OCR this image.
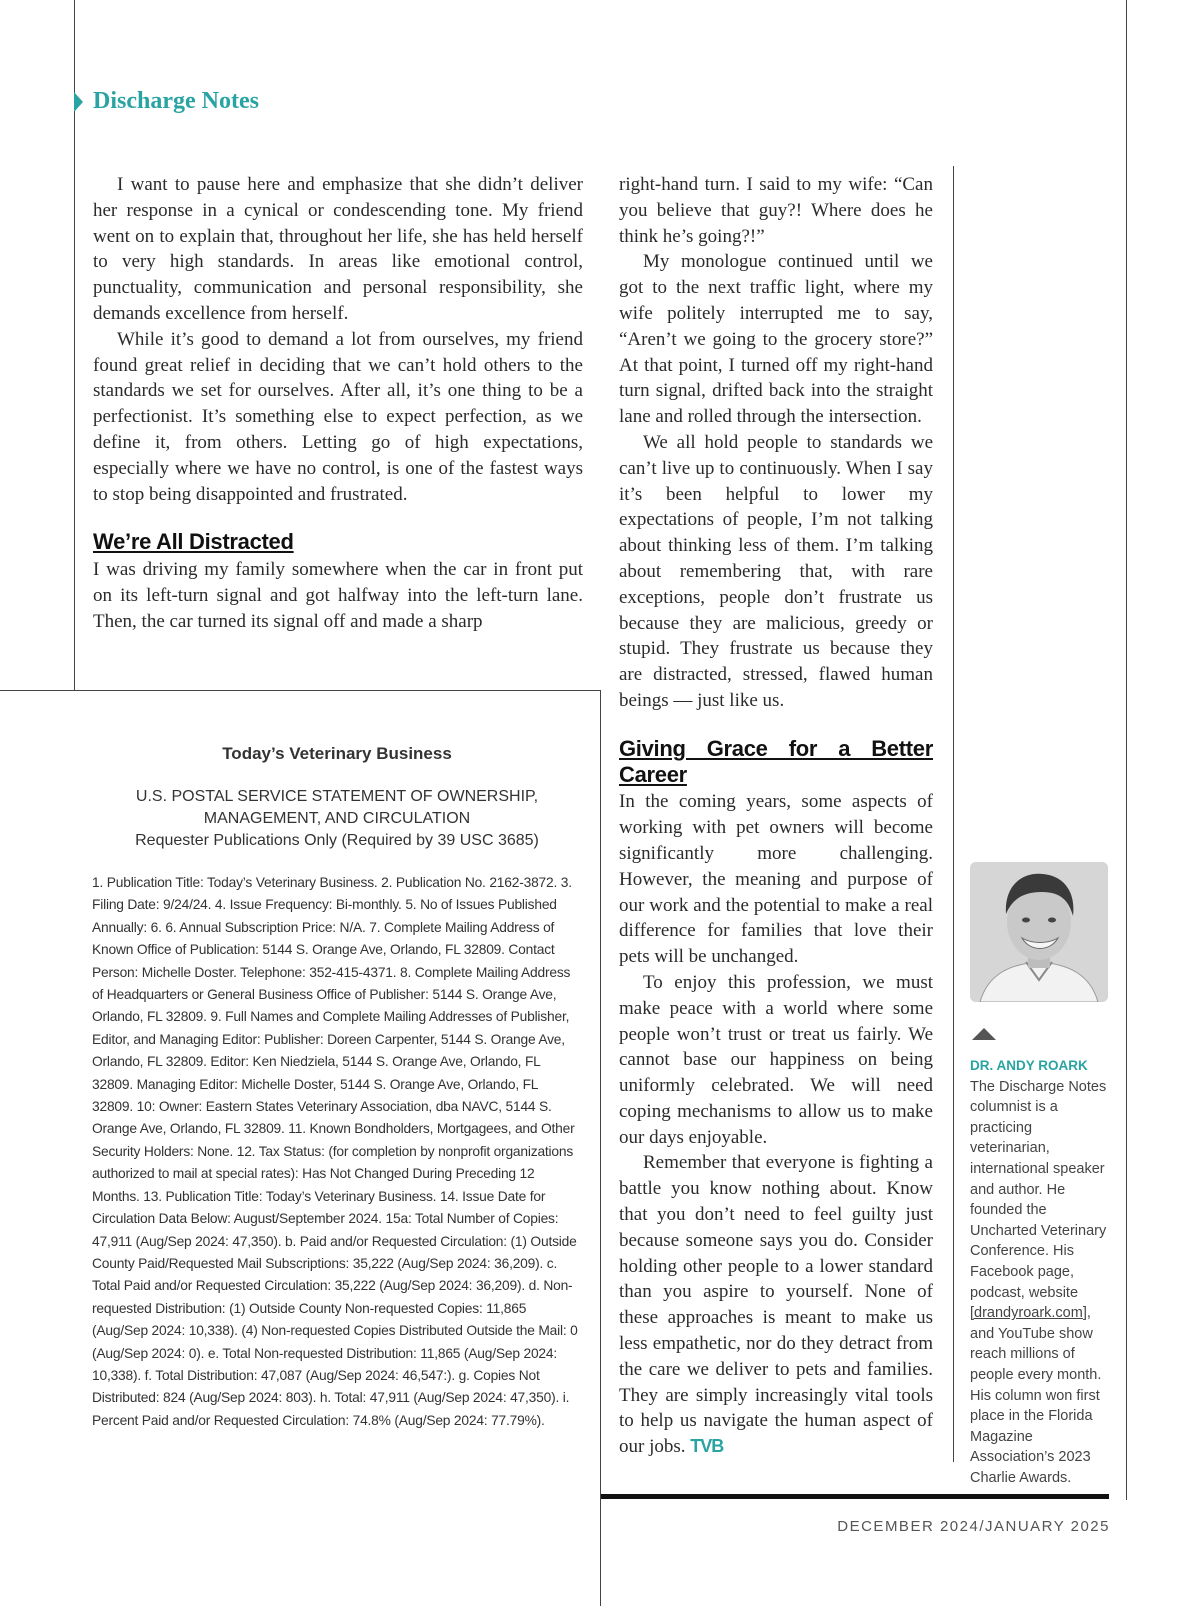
Discharge Notes

I want to pause here and emphasize that she didn’t deliver her response in a cynical or condescending tone. My friend went on to explain that, throughout her life, she has held herself to very high standards. In areas like emotional control, punctuality, communication and personal responsibility, she demands excellence from herself.

While it’s good to demand a lot from ourselves, my friend found great relief in deciding that we can’t hold others to the standards we set for ourselves. After all, it’s one thing to be a perfectionist. It’s something else to expect perfection, as we define it, from others. Letting go of high expectations, especially where we have no control, is one of the fastest ways to stop being disappointed and frustrated.

We’re All Distracted

I was driving my family somewhere when the car in front put on its left-turn signal and got halfway into the left-turn lane. Then, the car turned its signal off and made a sharp

right-hand turn. I said to my wife: “Can you believe that guy?! Where does he think he’s going?!”

My monologue continued until we got to the next traffic light, where my wife politely interrupted me to say, “Aren’t we going to the grocery store?” At that point, I turned off my right-hand turn signal, drifted back into the straight lane and rolled through the intersection.

We all hold people to standards we can’t live up to continuously. When I say it’s been helpful to lower my expectations of people, I’m not talking about thinking less of them. I’m talking about remembering that, with rare exceptions, people don’t frustrate us because they are malicious, greedy or stupid. They frustrate us because they are distracted, stressed, flawed human beings — just like us.

Giving Grace for a Better Career

In the coming years, some aspects of working with pet owners will become significantly more challenging. However, the meaning and purpose of our work and the potential to make a real difference for families that love their pets will be unchanged.

To enjoy this profession, we must make peace with a world where some people won’t trust or treat us fairly. We cannot base our happiness on being uniformly celebrated. We will need coping mechanisms to allow us to make our days enjoyable.

Remember that everyone is fighting a battle you know nothing about. Know that you don’t need to feel guilty just because someone says you do. Consider holding other people to a lower standard than you aspire to yourself. None of these approaches is meant to make us less empathetic, nor do they detract from the care we deliver to pets and families. They are simply increasingly vital tools to help us navigate the human aspect of our jobs. TVB

Today’s Veterinary Business
U.S. POSTAL SERVICE STATEMENT OF OWNERSHIP,
MANAGEMENT, AND CIRCULATION
Requester Publications Only (Required by 39 USC 3685)
1. Publication Title: Today’s Veterinary Business. 2. Publication No. 2162-3872. 3. Filing Date: 9/24/24. 4. Issue Frequency: Bi-monthly. 5. No of Issues Published Annually: 6. 6. Annual Subscription Price: N/A. 7. Complete Mailing Address of Known Office of Publication: 5144 S. Orange Ave, Orlando, FL 32809. Contact Person: Michelle Doster. Telephone: 352-415-4371. 8. Complete Mailing Address of Headquarters or General Business Office of Publisher: 5144 S. Orange Ave, Orlando, FL 32809. 9. Full Names and Complete Mailing Addresses of Publisher, Editor, and Managing Editor: Publisher: Doreen Carpenter, 5144 S. Orange Ave, Orlando, FL 32809. Editor: Ken Niedziela, 5144 S. Orange Ave, Orlando, FL 32809. Managing Editor: Michelle Doster, 5144 S. Orange Ave, Orlando, FL 32809. 10: Owner: Eastern States Veterinary Association, dba NAVC, 5144 S. Orange Ave, Orlando, FL 32809. 11. Known Bondholders, Mortgagees, and Other Security Holders: None. 12. Tax Status: (for completion by nonprofit organizations authorized to mail at special rates): Has Not Changed During Preceding 12 Months. 13. Publication Title: Today’s Veterinary Business. 14. Issue Date for Circulation Data Below: August/September 2024. 15a: Total Number of Copies: 47,911 (Aug/Sep 2024: 47,350). b. Paid and/or Requested Circulation: (1) Outside County Paid/Requested Mail Subscriptions: 35,222 (Aug/Sep 2024: 36,209). c. Total Paid and/or Requested Circulation: 35,222 (Aug/Sep 2024: 36,209). d. Non-requested Distribution: (1) Outside County Non-requested Copies: 11,865 (Aug/Sep 2024: 10,338). (4) Non-requested Copies Distributed Outside the Mail: 0 (Aug/Sep 2024: 0). e. Total Non-requested Distribution: 11,865 (Aug/Sep 2024: 10,338). f. Total Distribution: 47,087 (Aug/Sep 2024: 46,547:). g. Copies Not Distributed: 824 (Aug/Sep 2024: 803). h. Total: 47,911 (Aug/Sep 2024: 47,350). i. Percent Paid and/or Requested Circulation: 74.8% (Aug/Sep 2024: 77.79%).
DR. ANDY ROARK
The Discharge Notes columnist is a practicing veterinarian, international speaker and author. He founded the Uncharted Veterinary Conference. His Facebook page, podcast, website [drandyroark.com], and YouTube show reach millions of people every month. His column won first place in the Florida Magazine Association’s 2023 Charlie Awards.
DECEMBER 2024/JANUARY 2025
